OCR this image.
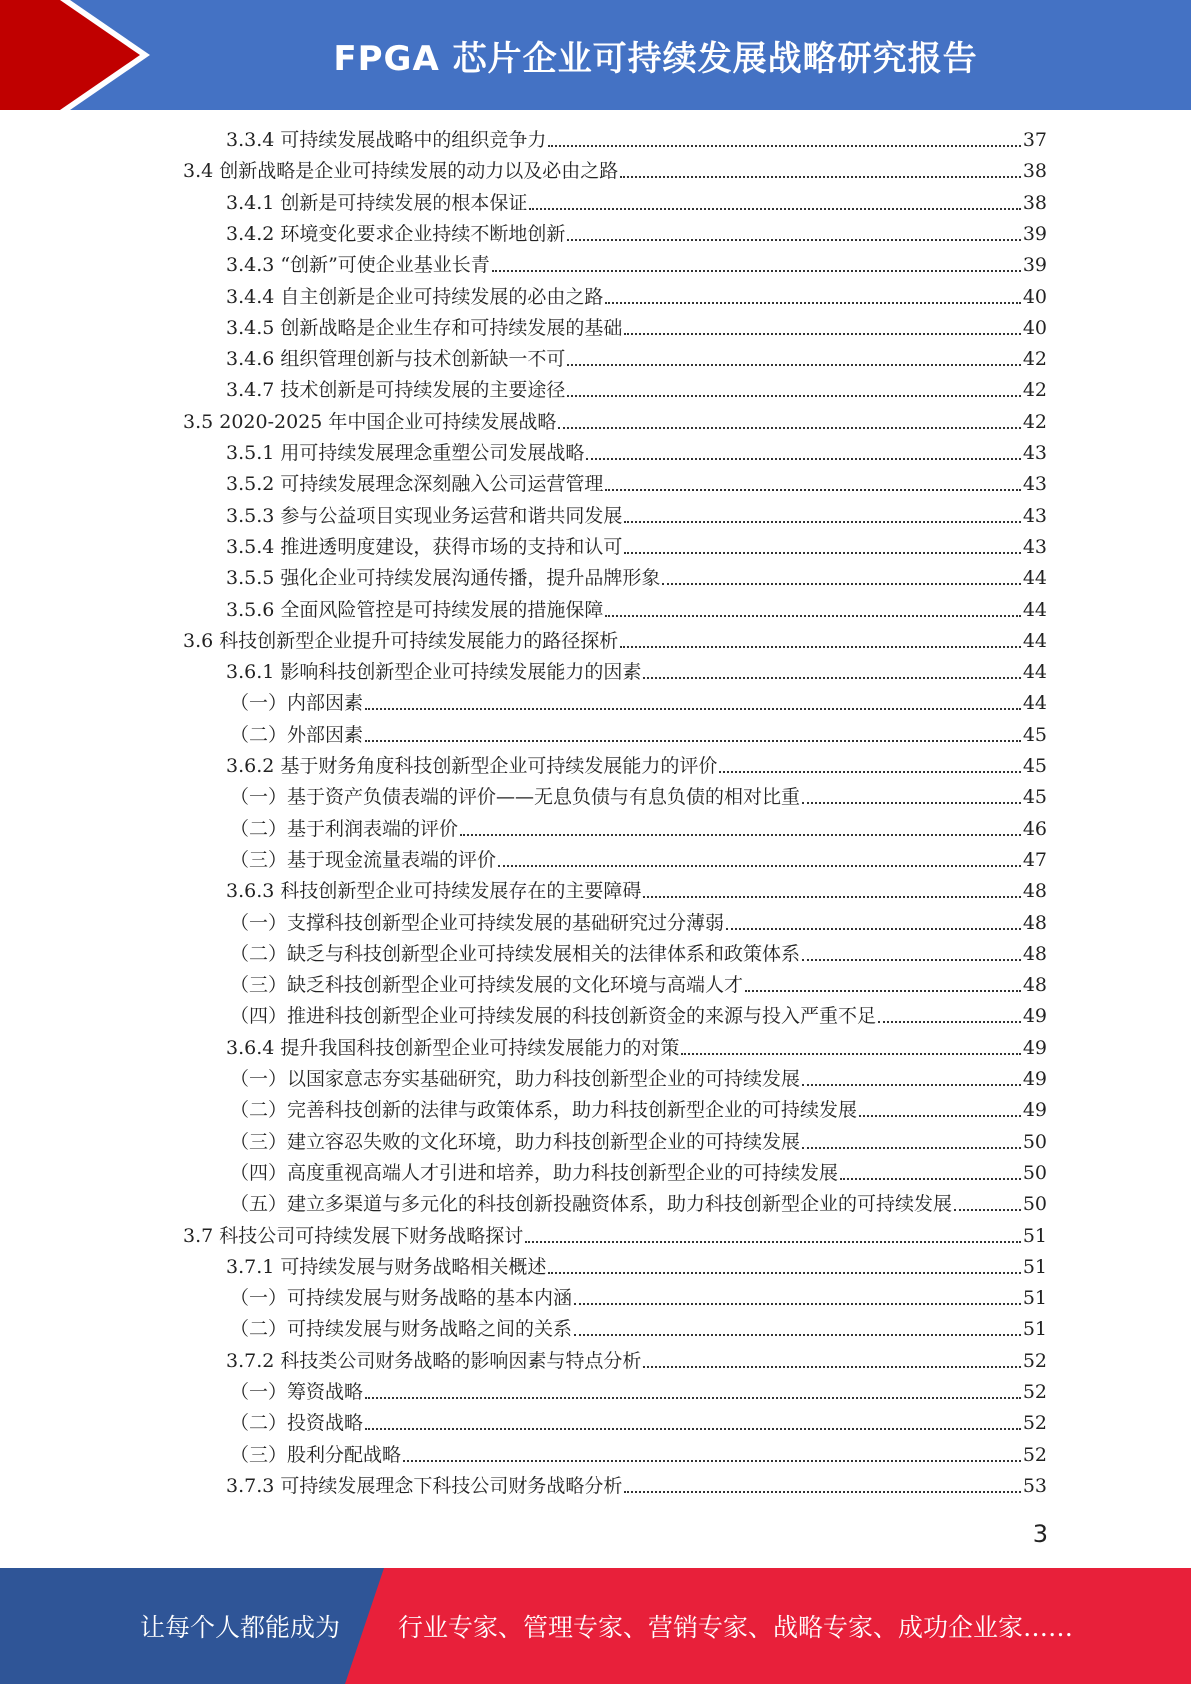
FPGA 芯片企业可持续发展战略研究报告
3.3.4 可持续发展战略中的组织竞争力	37
3.4 创新战略是企业可持续发展的动力以及必由之路	38
3.4.1 创新是可持续发展的根本保证	38
3.4.2 环境变化要求企业持续不断地创新	39
3.4.3 “创新”可使企业基业长青	39
3.4.4 自主创新是企业可持续发展的必由之路	40
3.4.5 创新战略是企业生存和可持续发展的基础	40
3.4.6 组织管理创新与技术创新缺一不可	42
3.4.7 技术创新是可持续发展的主要途径	42
3.5 2020-2025 年中国企业可持续发展战略	42
3.5.1 用可持续发展理念重塑公司发展战略	43
3.5.2 可持续发展理念深刻融入公司运营管理	43
3.5.3 参与公益项目实现业务运营和谐共同发展	43
3.5.4 推进透明度建设，获得市场的支持和认可	43
3.5.5 强化企业可持续发展沟通传播，提升品牌形象	44
3.5.6 全面风险管控是可持续发展的措施保障	44
3.6 科技创新型企业提升可持续发展能力的路径探析	44
3.6.1 影响科技创新型企业可持续发展能力的因素	44
（一）内部因素	44
（二）外部因素	45
3.6.2 基于财务角度科技创新型企业可持续发展能力的评价	45
（一）基于资产负债表端的评价——无息负债与有息负债的相对比重	45
（二）基于利润表端的评价	46
（三）基于现金流量表端的评价	47
3.6.3 科技创新型企业可持续发展存在的主要障碍	48
（一）支撑科技创新型企业可持续发展的基础研究过分薄弱	48
（二）缺乏与科技创新型企业可持续发展相关的法律体系和政策体系	48
（三）缺乏科技创新型企业可持续发展的文化环境与高端人才	48
（四）推进科技创新型企业可持续发展的科技创新资金的来源与投入严重不足	49
3.6.4 提升我国科技创新型企业可持续发展能力的对策	49
（一）以国家意志夯实基础研究，助力科技创新型企业的可持续发展	49
（二）完善科技创新的法律与政策体系，助力科技创新型企业的可持续发展	49
（三）建立容忍失败的文化环境，助力科技创新型企业的可持续发展	50
（四）高度重视高端人才引进和培养，助力科技创新型企业的可持续发展	50
（五）建立多渠道与多元化的科技创新投融资体系，助力科技创新型企业的可持续发展	50
3.7 科技公司可持续发展下财务战略探讨	51
3.7.1 可持续发展与财务战略相关概述	51
（一）可持续发展与财务战略的基本内涵	51
（二）可持续发展与财务战略之间的关系	51
3.7.2 科技类公司财务战略的影响因素与特点分析	52
（一）筹资战略	52
（二）投资战略	52
（三）股利分配战略	52
3.7.3 可持续发展理念下科技公司财务战略分析	53
3
让每个人都能成为 行业专家、管理专家、营销专家、战略专家、成功企业家……
